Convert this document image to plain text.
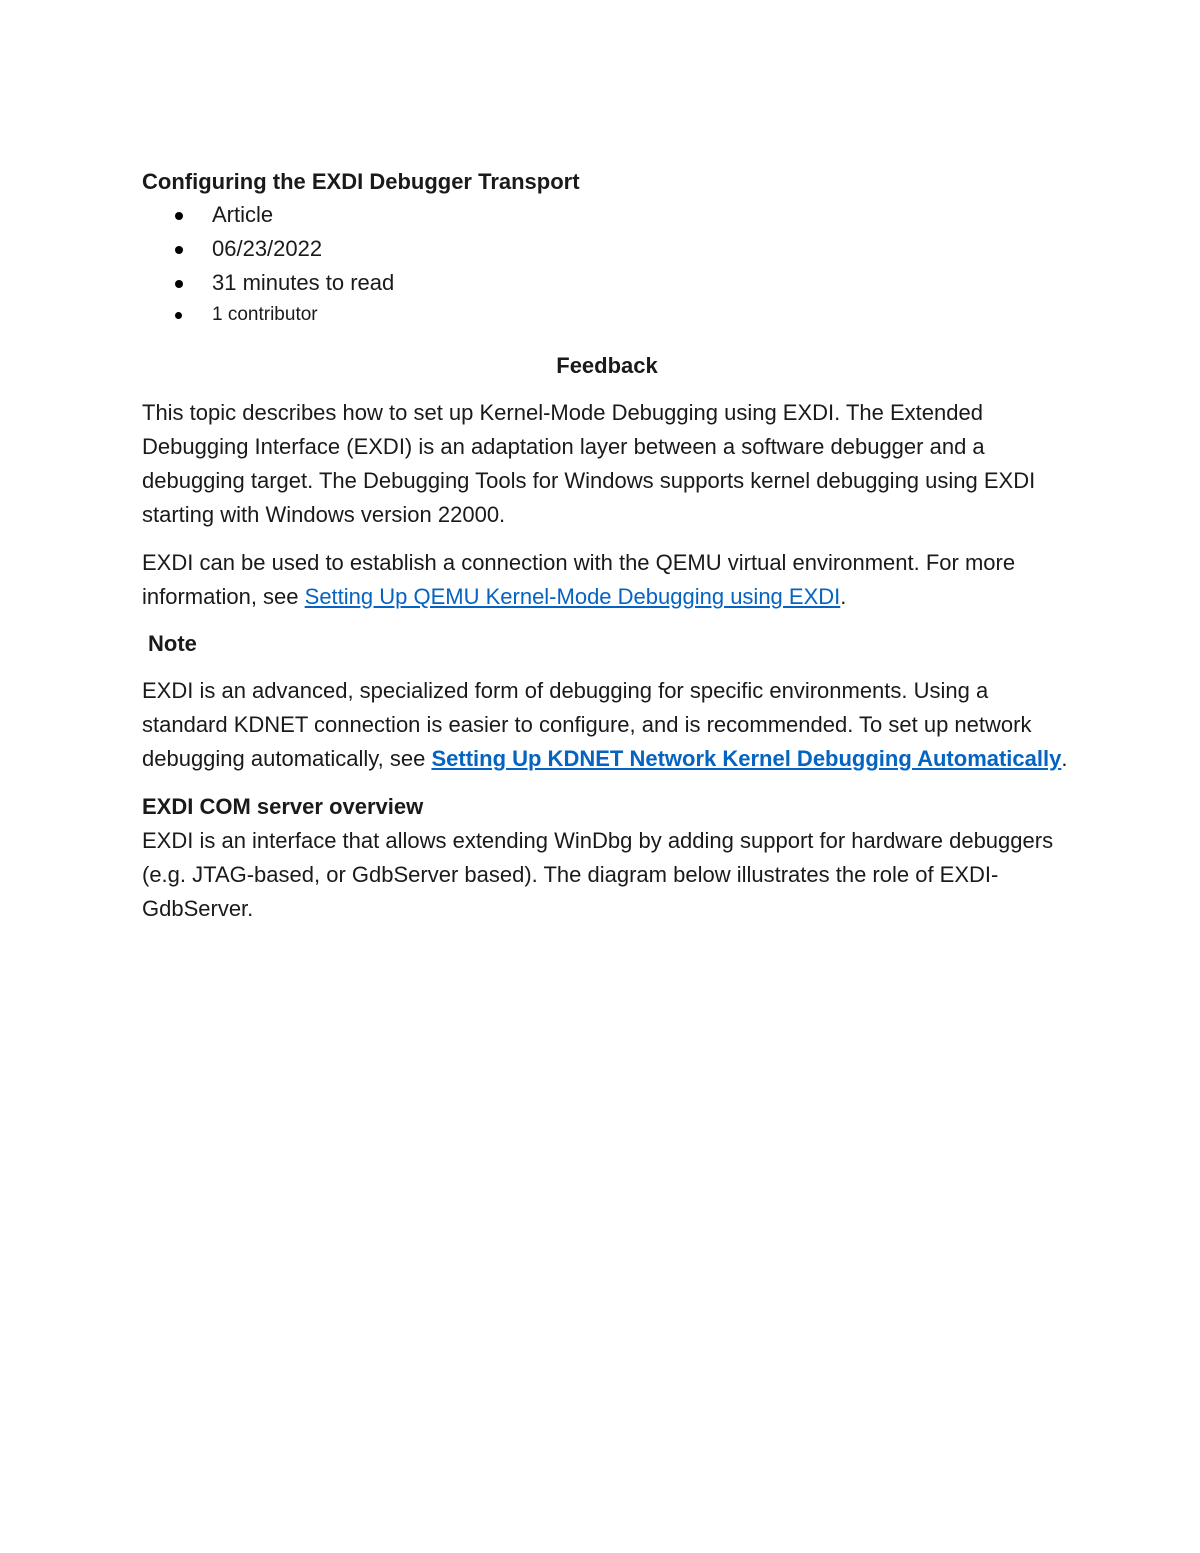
Configuring the EXDI Debugger Transport
Article
06/23/2022
31 minutes to read
1 contributor
Feedback

This topic describes how to set up Kernel-Mode Debugging using EXDI. The Extended Debugging Interface (EXDI) is an adaptation layer between a software debugger and a debugging target. The Debugging Tools for Windows supports kernel debugging using EXDI starting with Windows version 22000.

EXDI can be used to establish a connection with the QEMU virtual environment. For more information, see Setting Up QEMU Kernel-Mode Debugging using EXDI.

Note

EXDI is an advanced, specialized form of debugging for specific environments. Using a standard KDNET connection is easier to configure, and is recommended. To set up network debugging automatically, see Setting Up KDNET Network Kernel Debugging Automatically.

EXDI COM server overview

EXDI is an interface that allows extending WinDbg by adding support for hardware debuggers (e.g. JTAG-based, or GdbServer based). The diagram below illustrates the role of EXDI-GdbServer.
